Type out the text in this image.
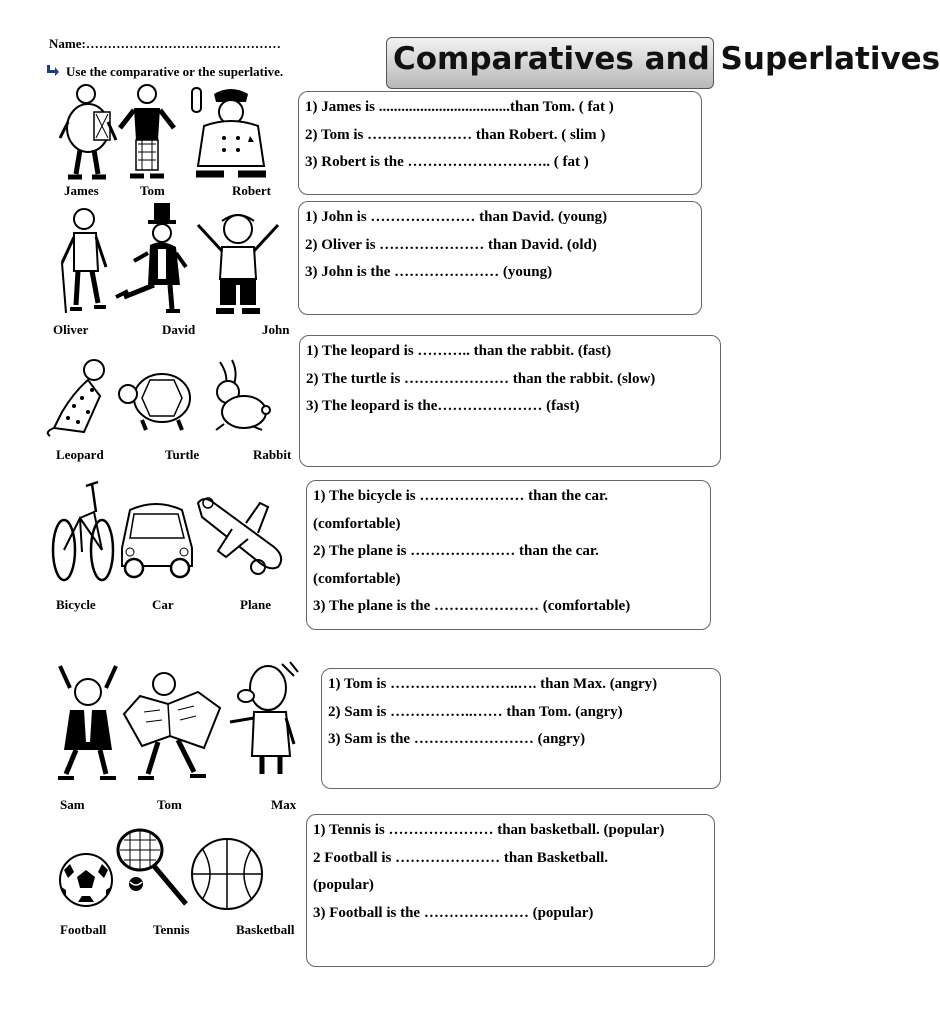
Name:………………………………………
Use the comparative or the superlative.	Comparatives and Superlatives
James	Tom	Robert
1) James is ...................................than Tom. ( fat )
2) Tom is ………………… than Robert. ( slim )
3) Robert is the ……………………….. ( fat )
Oliver	David	John
1) John is ………………… than David. (young)
2) Oliver is ………………… than David. (old)
3) John is the ………………… (young)
Leopard	Turtle	Rabbit
1) The leopard is ……….. than the rabbit. (fast)
2) The turtle is ………………… than the rabbit. (slow)
3) The leopard is the………………… (fast)
Bicycle	Car	Plane
1) The bicycle is ………………… than the car.
(comfortable)
2) The plane is ………………… than the car.
(comfortable)
3) The plane is the ………………… (comfortable)
Sam	Tom	Max
1) Tom is ……………………..…. than Max. (angry)
2) Sam is ……………..…… than Tom. (angry)
3) Sam is the …………………… (angry)
Football	Tennis	Basketball
1) Tennis is ………………… than basketball. (popular)
2 Football is ………………… than Basketball.
(popular)
3) Football is the ………………… (popular)
